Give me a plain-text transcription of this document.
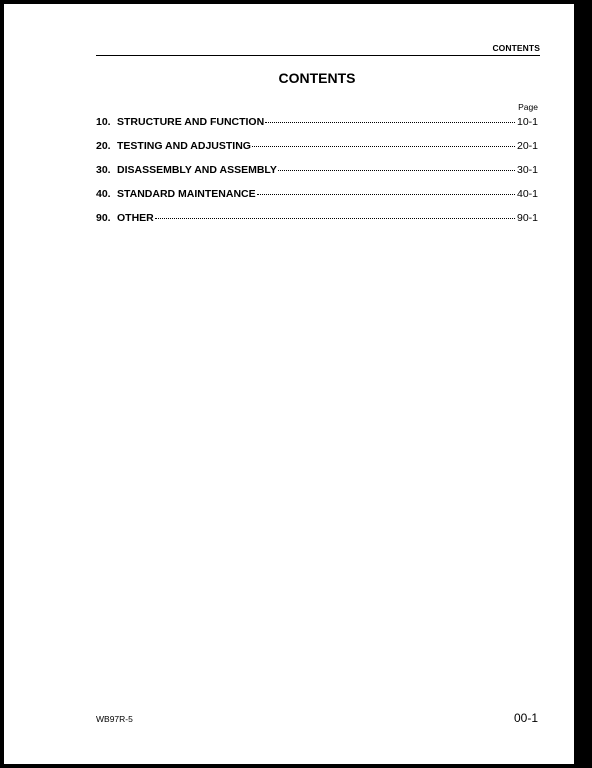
CONTENTS
CONTENTS
Page
10. STRUCTURE AND FUNCTION	10-1
20. TESTING AND ADJUSTING	20-1
30. DISASSEMBLY AND ASSEMBLY	30-1
40. STANDARD MAINTENANCE	40-1
90. OTHER	90-1
WB97R-5	00-1
